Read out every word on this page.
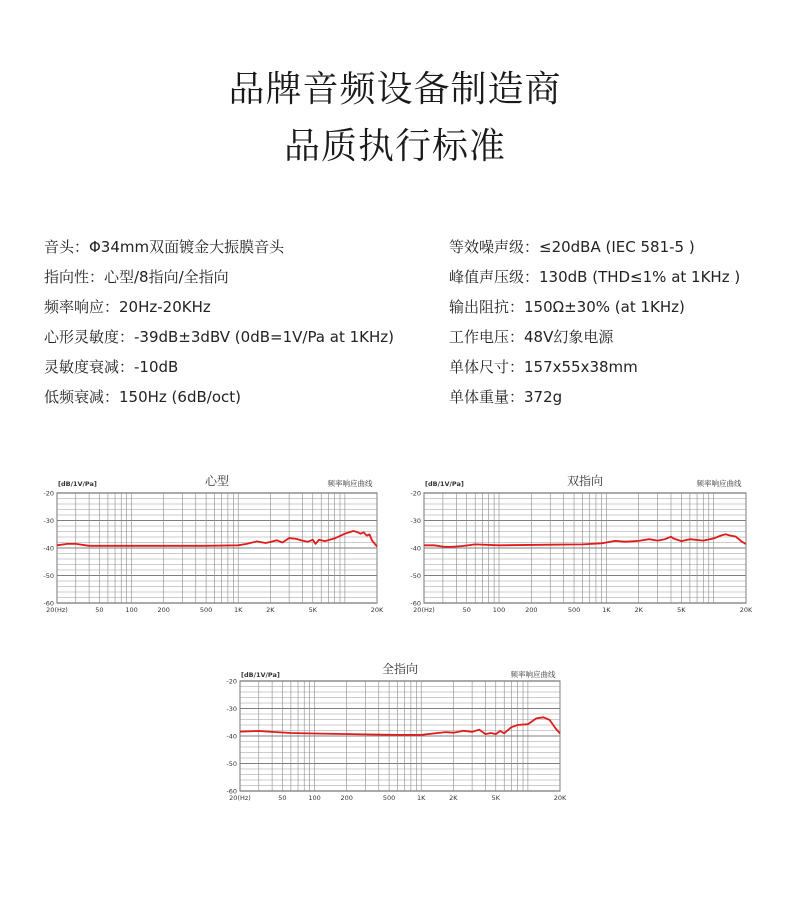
品牌音频设备制造商
品质执行标准
音头：Φ34mm双面镀金大振膜音头
指向性：心型/8指向/全指向
频率响应：20Hz-20KHz
心形灵敏度：-39dB±3dBV (0dB=1V/Pa at 1KHz)
灵敏度衰减：-10dB
低频衰减：150Hz (6dB/oct)
等效噪声级：≤20dBA (IEC 581-5 )
峰值声压级：130dB (THD≤1% at 1KHz )
输出阻抗：150Ω±30% (at 1KHz)
工作电压：48V幻象电源
单体尺寸：157x55x38mm
单体重量：372g
-20
-30
-40
-50
-60
20(Hz)	50	100	200	500	1K	2K	5K	20K
心型
[dB/1V/Pa]	频率响应曲线
-20
-30
-40
-50
-60
20(Hz)	50	100	200	500	1K	2K	5K	20K
双指向
[dB/1V/Pa]	频率响应曲线
-20
-30
-40
-50
-60
20(Hz)	50	100	200	500	1K	2K	5K	20K
全指向
[dB/1V/Pa]	频率响应曲线
